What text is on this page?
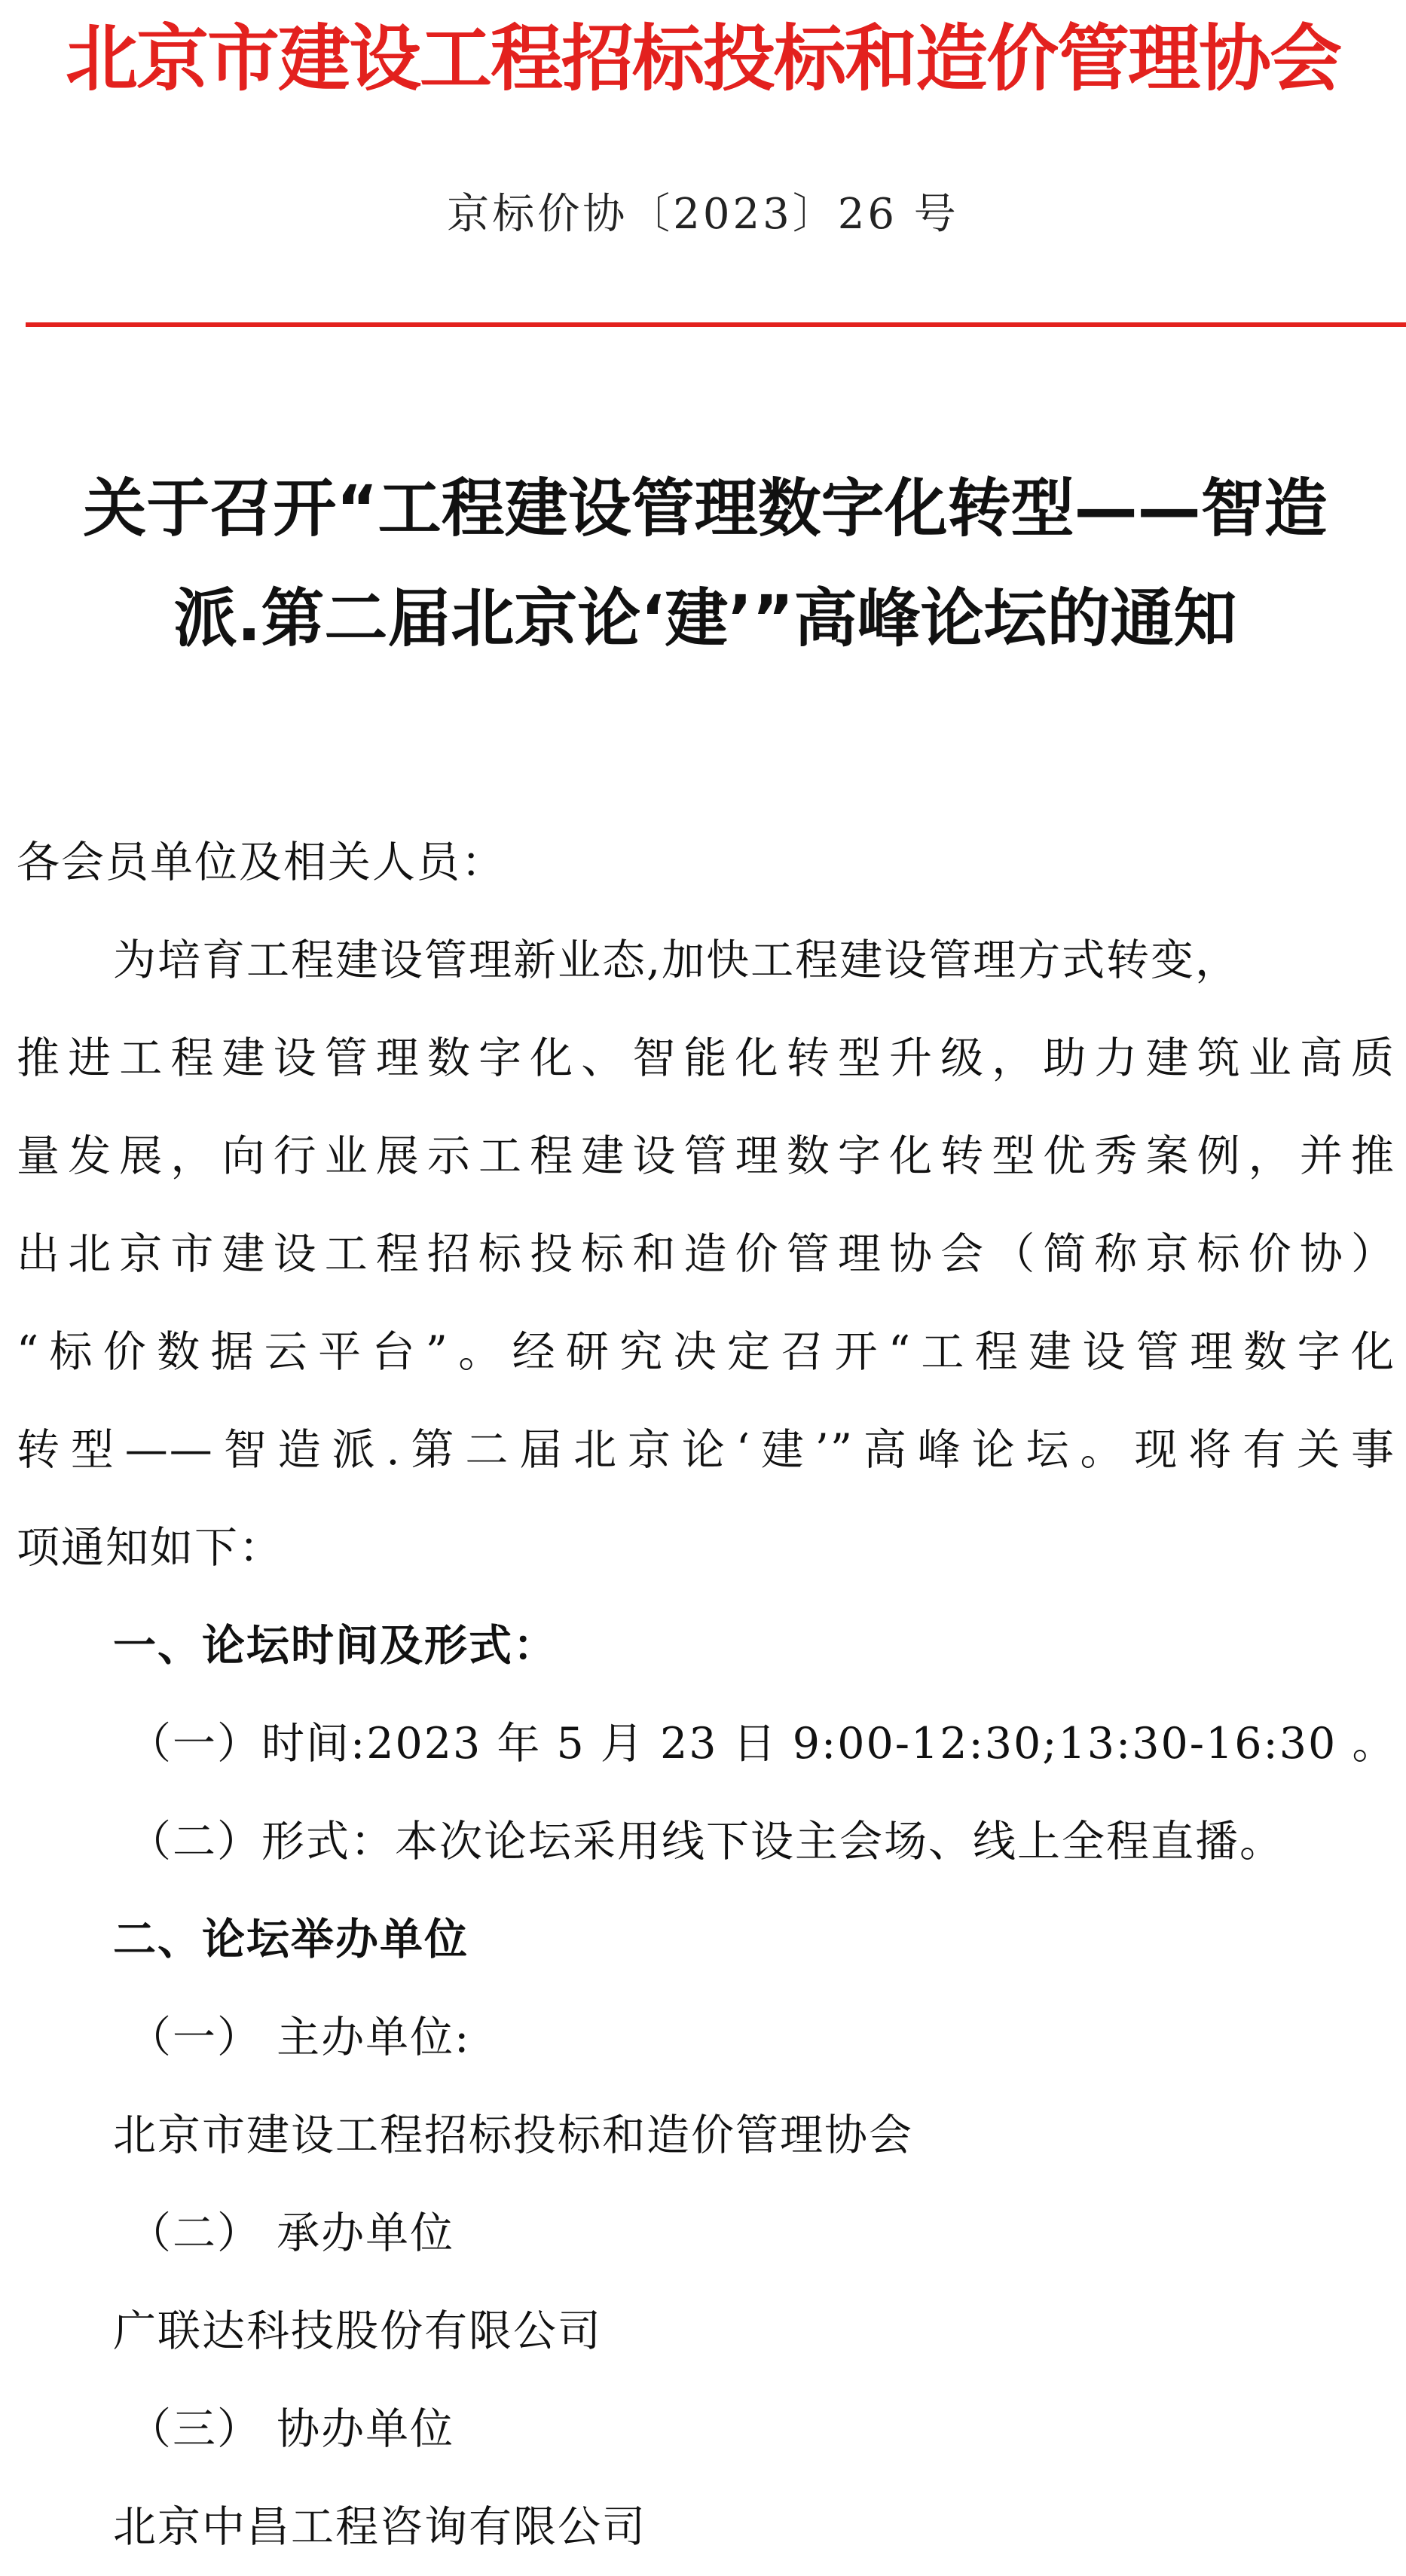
北京市建设工程招标投标和造价管理协会
京标价协〔2023〕26 号
关于召开“工程建设管理数字化转型——智造
派.第二届北京论‘建’”高峰论坛的通知
各会员单位及相关人员：
为培育工程建设管理新业态,加快工程建设管理方式转变，
推进工程建设管理数字化、智能化转型升级，助力建筑业高质
量发展，向行业展示工程建设管理数字化转型优秀案例，并推
出北京市建设工程招标投标和造价管理协会（简称京标价协）
“标价数据云平台”。经研究决定召开“工程建设管理数字化
转型——智造派.第二届北京论‘建’”高峰论坛。现将有关事
项通知如下：
一、论坛时间及形式：
（一）时间:2023 年 5 月 23 日 9:00-12:30;13:30-16:30 。
（二）形式：本次论坛采用线下设主会场、线上全程直播。
二、论坛举办单位
（一） 主办单位:
北京市建设工程招标投标和造价管理协会
（二） 承办单位
广联达科技股份有限公司
（三） 协办单位
北京中昌工程咨询有限公司
